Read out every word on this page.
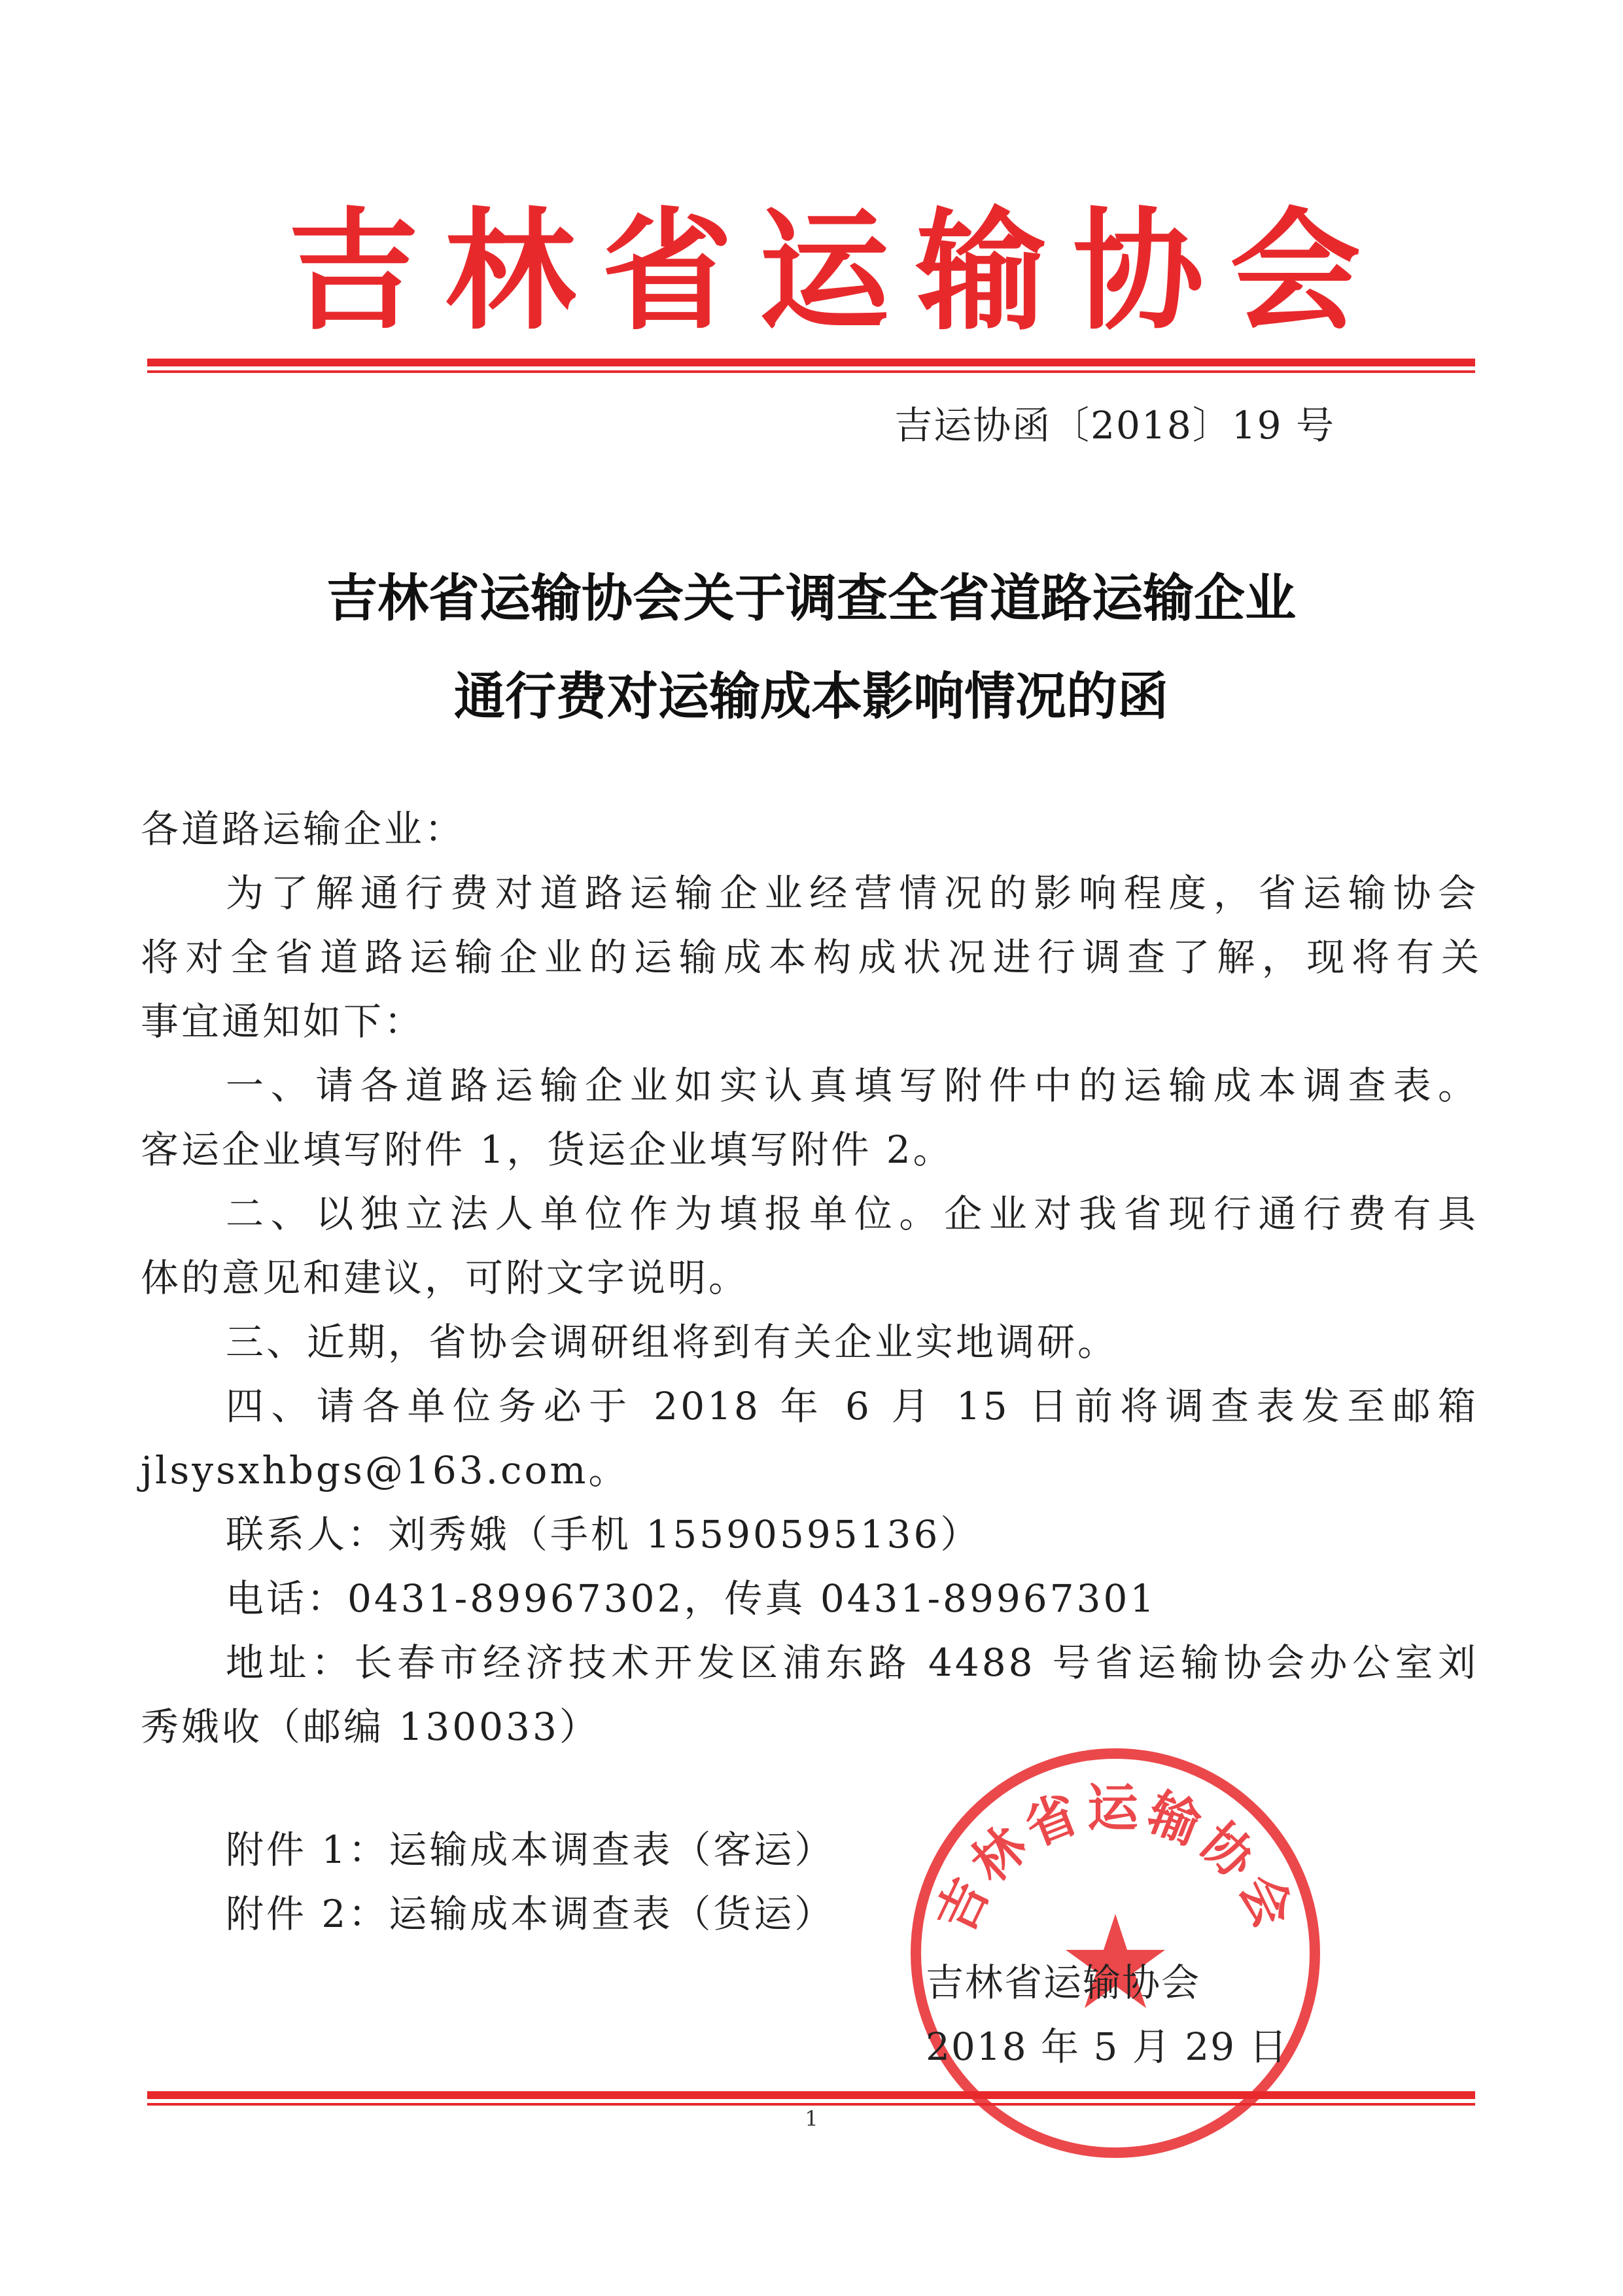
吉林省运输协会
吉运协函〔2018〕19 号
吉林省运输协会关于调查全省道路运输企业
通行费对运输成本影响情况的函
各道路运输企业：
为了解通行费对道路运输企业经营情况的影响程度，省运输协会
将对全省道路运输企业的运输成本构成状况进行调查了解，现将有关
事宜通知如下：
一、请各道路运输企业如实认真填写附件中的运输成本调查表。
客运企业填写附件 1，货运企业填写附件 2。
二、以独立法人单位作为填报单位。企业对我省现行通行费有具
体的意见和建议，可附文字说明。
三、近期，省协会调研组将到有关企业实地调研。
四、请各单位务必于 2018 年 6 月 15 日前将调查表发至邮箱
jlsysxhbgs@163.com。
联系人：刘秀娥（手机 15590595136）
电话：0431-89967302，传真 0431-89967301
地址：长春市经济技术开发区浦东路 4488 号省运输协会办公室刘
秀娥收（邮编 130033）
附件 1：运输成本调查表（客运）
附件 2：运输成本调查表（货运） 吉林省运输协会
吉林省运输协会
2018 年 5 月 29 日
1
